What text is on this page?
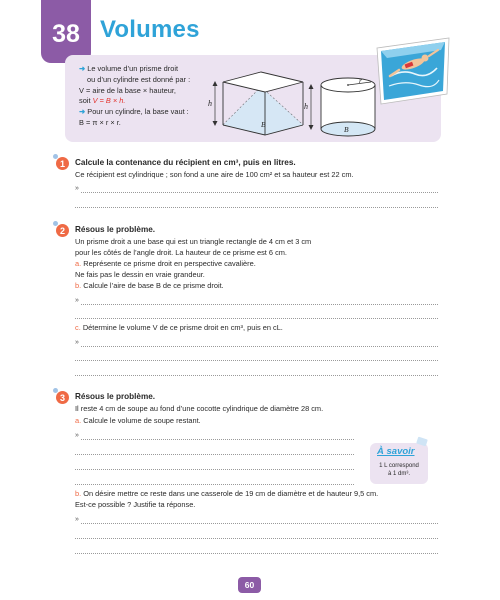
38 Volumes
➜ Le volume d’un prisme droit
ou d’un cylindre est donné par :
V = aire de la base × hauteur,
soit V = B × h.
➜ Pour un cylindre, la base vaut :
B = π × r × r.
h
B
h
r
B
1 Calcule la contenance du récipient en cm³, puis en litres.
Ce récipient est cylindrique ; son fond a une aire de 100 cm² et sa hauteur est 22 cm.
»
2 Résous le problème.
Un prisme droit a une base qui est un triangle rectangle de 4 cm et 3 cm
pour les côtés de l’angle droit. La hauteur de ce prisme est 6 cm.
a. Représente ce prisme droit en perspective cavalière.
Ne fais pas le dessin en vraie grandeur.
b. Calcule l’aire de base B de ce prisme droit.
»
c. Détermine le volume V de ce prisme droit en cm³, puis en cL.
»
3 Résous le problème.
Il reste 4 cm de soupe au fond d’une cocotte cylindrique de diamètre 28 cm.
a. Calcule le volume de soupe restant.
»
À savoir
1 L correspond
à 1 dm³.
b. On désire mettre ce reste dans une casserole de 19 cm de diamètre et de hauteur 9,5 cm.
Est-ce possible ? Justifie ta réponse.
»
60
